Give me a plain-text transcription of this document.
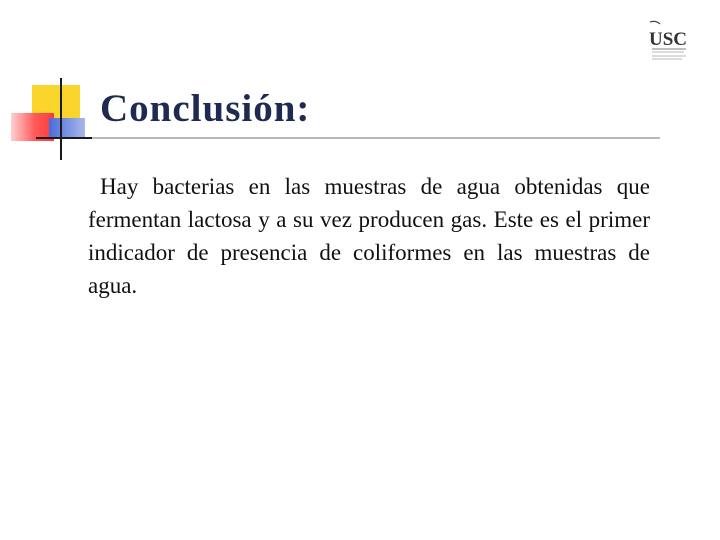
Conclusión:

Hay bacterias en las muestras de agua obtenidas que fermentan lactosa y a su vez producen gas. Este es el primer indicador de presencia de coliformes en las muestras de agua.

USC
